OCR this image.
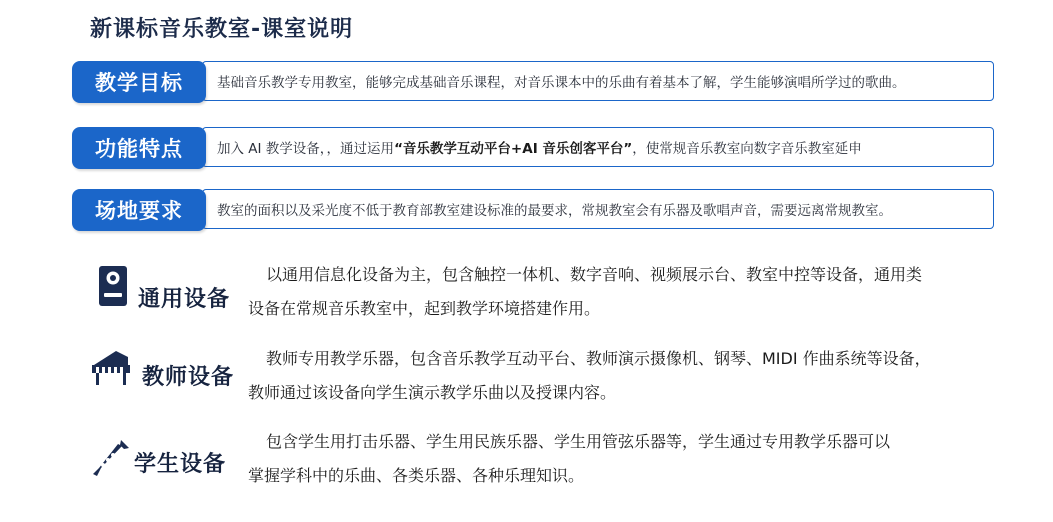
新课标音乐教室-课室说明
基础音乐教学专用教室，能够完成基础音乐课程，对音乐课本中的乐曲有着基本了解，学生能够演唱所学过的歌曲。
教学目标
加入 AI 教学设备，，通过运用 “音乐教学互动平台+AI 音乐创客平台” ，使常规音乐教室向数字音乐教室延申
功能特点
教室的面积以及采光度不低于教育部教室建设标准的最要求，常规教室会有乐器及歌唱声音，需要远离常规教室。
场地要求
通用设备
以通用信息化设备为主，包含触控一体机、数字音响、视频展示台、教室中控等设备，通用类
设备在常规音乐教室中，起到教学环境搭建作用。
教师设备
教师专用教学乐器，包含音乐教学互动平台、教师演示摄像机、钢琴、MIDI 作曲系统等设备，
教师通过该设备向学生演示教学乐曲以及授课内容。
学生设备
包含学生用打击乐器、学生用民族乐器、学生用管弦乐器等，学生通过专用教学乐器可以
掌握学科中的乐曲、各类乐器、各种乐理知识。
